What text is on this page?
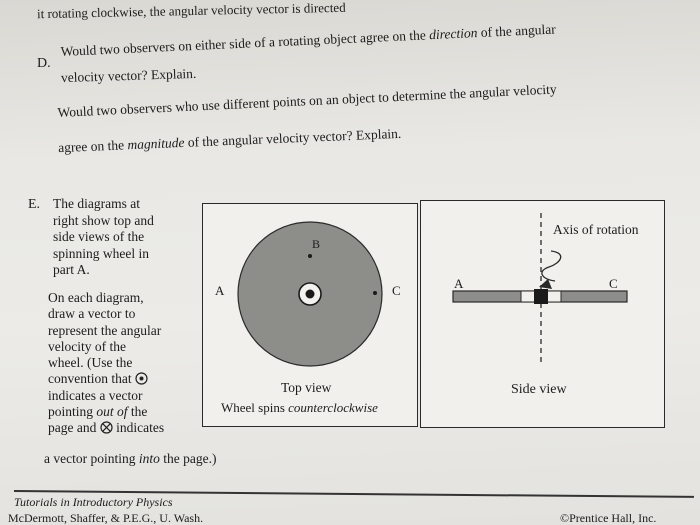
it rotating clockwise, the angular velocity vector is directed
D.
Would two observers on either side of a rotating object agree on the direction of the angular
velocity vector? Explain.
Would two observers who use different points on an object to determine the angular velocity
agree on the magnitude of the angular velocity vector? Explain.
E. The diagrams at
right show top and
side views of the
spinning wheel in
part A.
On each diagram,
draw a vector to
represent the angular
velocity of the
wheel. (Use the
convention that
indicates a vector
pointing out of the
page and indicates
a vector pointing into the page.)
A
B
C
Top view
Wheel spins counterclockwise
Axis of rotation
A	C
Side view
Tutorials in Introductory Physics
McDermott, Shaffer, & P.E.G., U. Wash.	©Prentice Hall, Inc.
